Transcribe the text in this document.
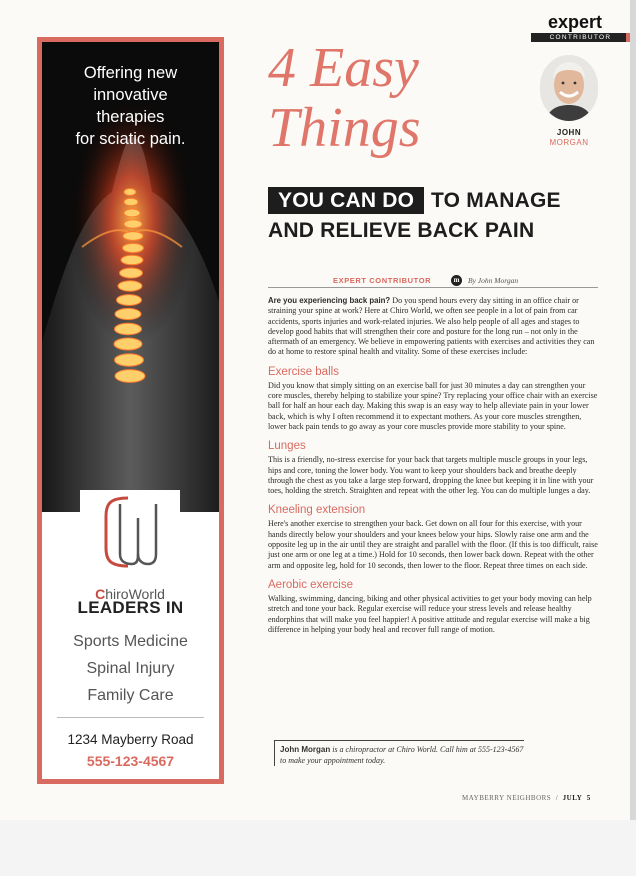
Offering new
innovative
therapies
for sciatic pain.
ChiroWorld
LEADERS IN
Sports Medicine
Spinal Injury
Family Care
1234 Mayberry Road
555-123-4567
expert
CONTRIBUTOR
JOHN
MORGAN
4 Easy
Things
YOU CAN DO TO MANAGE
AND RELIEVE BACK PAIN
EXPERT CONTRIBUTOR	m	By John Morgan

Are you experiencing back pain? Do you spend hours every day sitting in an office chair or straining your spine at work? Here at Chiro World, we often see people in a lot of pain from car accidents, sports injuries and work-related injuries. We also help people of all ages and stages to develop good habits that will strengthen their core and posture for the long run – not only in the aftermath of an emergency. We believe in empowering patients with exercises and activities they can do at home to restore spinal health and vitality. Some of these exercises include:

Exercise balls

Did you know that simply sitting on an exercise ball for just 30 minutes a day can strengthen your core muscles, thereby helping to stabilize your spine? Try replacing your office chair with an exercise ball for half an hour each day. Making this swap is an easy way to help alleviate pain in your lower back, which is why I often recommend it to expectant mothers. As your core muscles strengthen, lower back pain tends to go away as your core muscles provide more stability to your spine.

Lunges

This is a friendly, no-stress exercise for your back that targets multiple muscle groups in your legs, hips and core, toning the lower body. You want to keep your shoulders back and breathe deeply through the chest as you take a large step forward, dropping the knee but keeping it in line with your toes, holding the stretch. Straighten and repeat with the other leg. You can do multiple lunges a day.

Kneeling extension

Here's another exercise to strengthen your back. Get down on all four for this exercise, with your hands directly below your shoulders and your knees below your hips. Slowly raise one arm and the opposite leg up in the air until they are straight and parallel with the floor. (If this is too difficult, raise just one arm or one leg at a time.) Hold for 10 seconds, then lower back down. Repeat with the other arm and opposite leg, hold for 10 seconds, then lower to the floor. Repeat three times on each side.

Aerobic exercise

Walking, swimming, dancing, biking and other physical activities to get your body moving can help stretch and tone your back. Regular exercise will reduce your stress levels and release healthy endorphins that will make you feel happier! A positive attitude and regular exercise will make a big difference in helping your body heal and recover full range of motion.

John Morgan is a chiropractor at Chiro World. Call him at 555-123-4567 to make your appointment today.
MAYBERRY NEIGHBORS / JULY 5
